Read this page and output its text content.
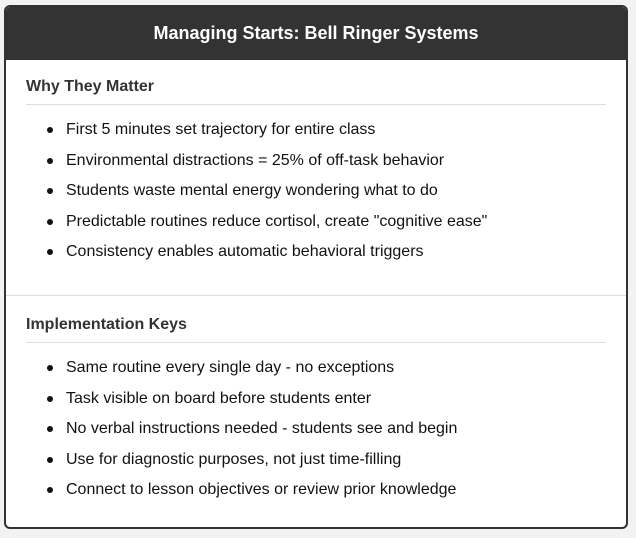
Managing Starts: Bell Ringer Systems
Why They Matter
First 5 minutes set trajectory for entire class
Environmental distractions = 25% of off-task behavior
Students waste mental energy wondering what to do
Predictable routines reduce cortisol, create "cognitive ease"
Consistency enables automatic behavioral triggers
Implementation Keys
Same routine every single day - no exceptions
Task visible on board before students enter
No verbal instructions needed - students see and begin
Use for diagnostic purposes, not just time-filling
Connect to lesson objectives or review prior knowledge
